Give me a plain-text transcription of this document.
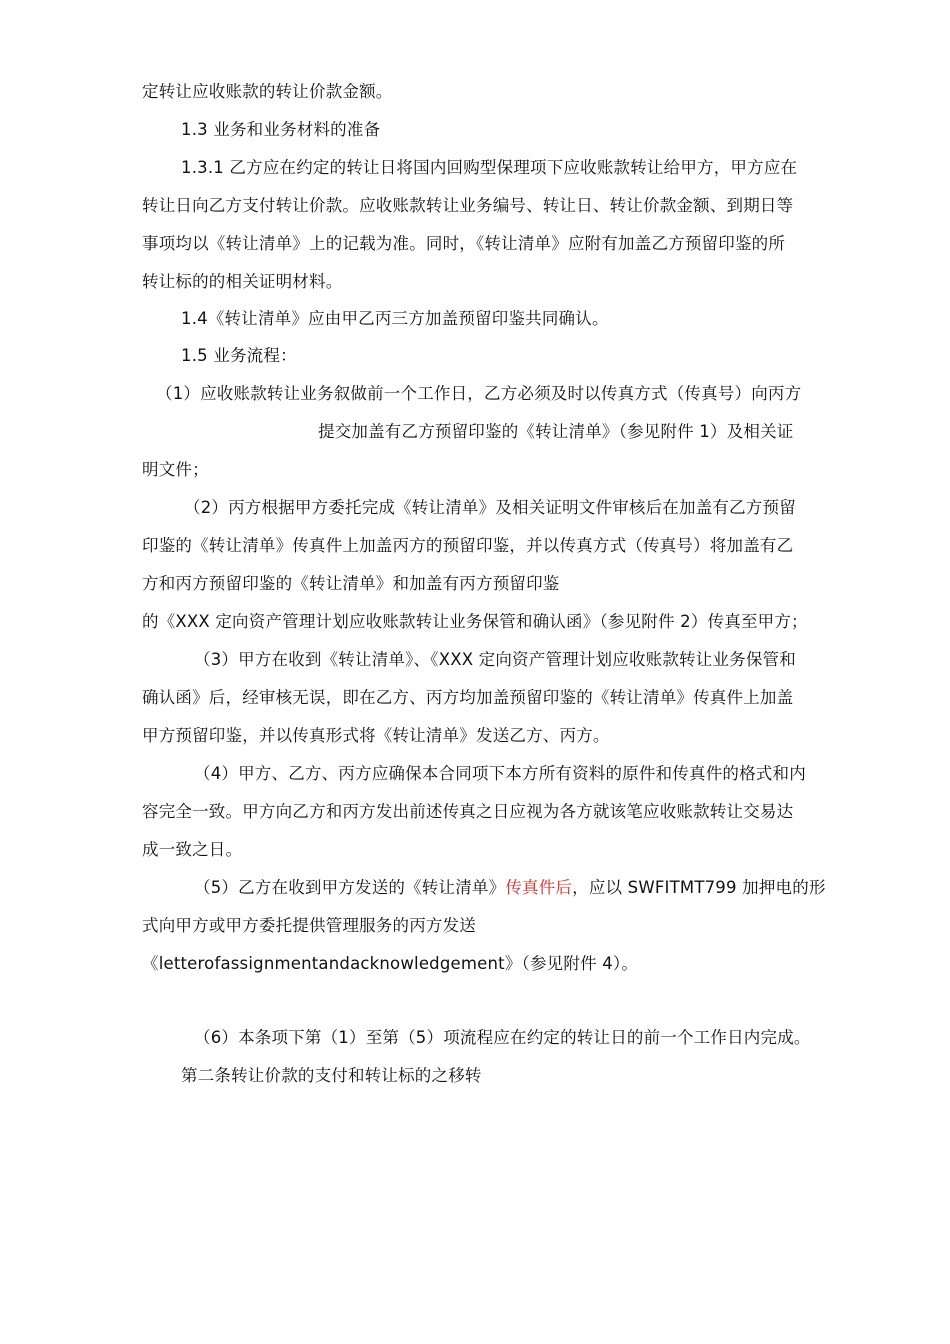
定转让应收账款的转让价款金额。
1.3 业务和业务材料的准备
1.3.1 乙方应在约定的转让日将国内回购型保理项下应收账款转让给甲方，甲方应在
转让日向乙方支付转让价款。应收账款转让业务编号、转让日、转让价款金额、到期日等
事项均以《转让清单》上的记载为准。同时，《转让清单》应附有加盖乙方预留印鉴的所
转让标的的相关证明材料。
1.4《转让清单》应由甲乙丙三方加盖预留印鉴共同确认。
1.5 业务流程：
（1）应收账款转让业务叙做前一个工作日，乙方必须及时以传真方式（传真号）向丙方
提交加盖有乙方预留印鉴的《转让清单》（参见附件 1）及相关证
明文件；
（2）丙方根据甲方委托完成《转让清单》及相关证明文件审核后在加盖有乙方预留
印鉴的《转让清单》传真件上加盖丙方的预留印鉴，并以传真方式（传真号）将加盖有乙
方和丙方预留印鉴的《转让清单》和加盖有丙方预留印鉴
的《XXX 定向资产管理计划应收账款转让业务保管和确认函》（参见附件 2）传真至甲方；
（3）甲方在收到《转让清单》、《XXX 定向资产管理计划应收账款转让业务保管和
确认函》后，经审核无误，即在乙方、丙方均加盖预留印鉴的《转让清单》传真件上加盖
甲方预留印鉴，并以传真形式将《转让清单》发送乙方、丙方。
（4）甲方、乙方、丙方应确保本合同项下本方所有资料的原件和传真件的格式和内
容完全一致。甲方向乙方和丙方发出前述传真之日应视为各方就该笔应收账款转让交易达
成一致之日。
（5）乙方在收到甲方发送的《转让清单》传真件后，应以 SWFITMT799 加押电的形
式向甲方或甲方委托提供管理服务的丙方发送
《letterofassignmentandacknowledgement》（参见附件 4）。
（6）本条项下第（1）至第（5）项流程应在约定的转让日的前一个工作日内完成。
第二条转让价款的支付和转让标的之移转
